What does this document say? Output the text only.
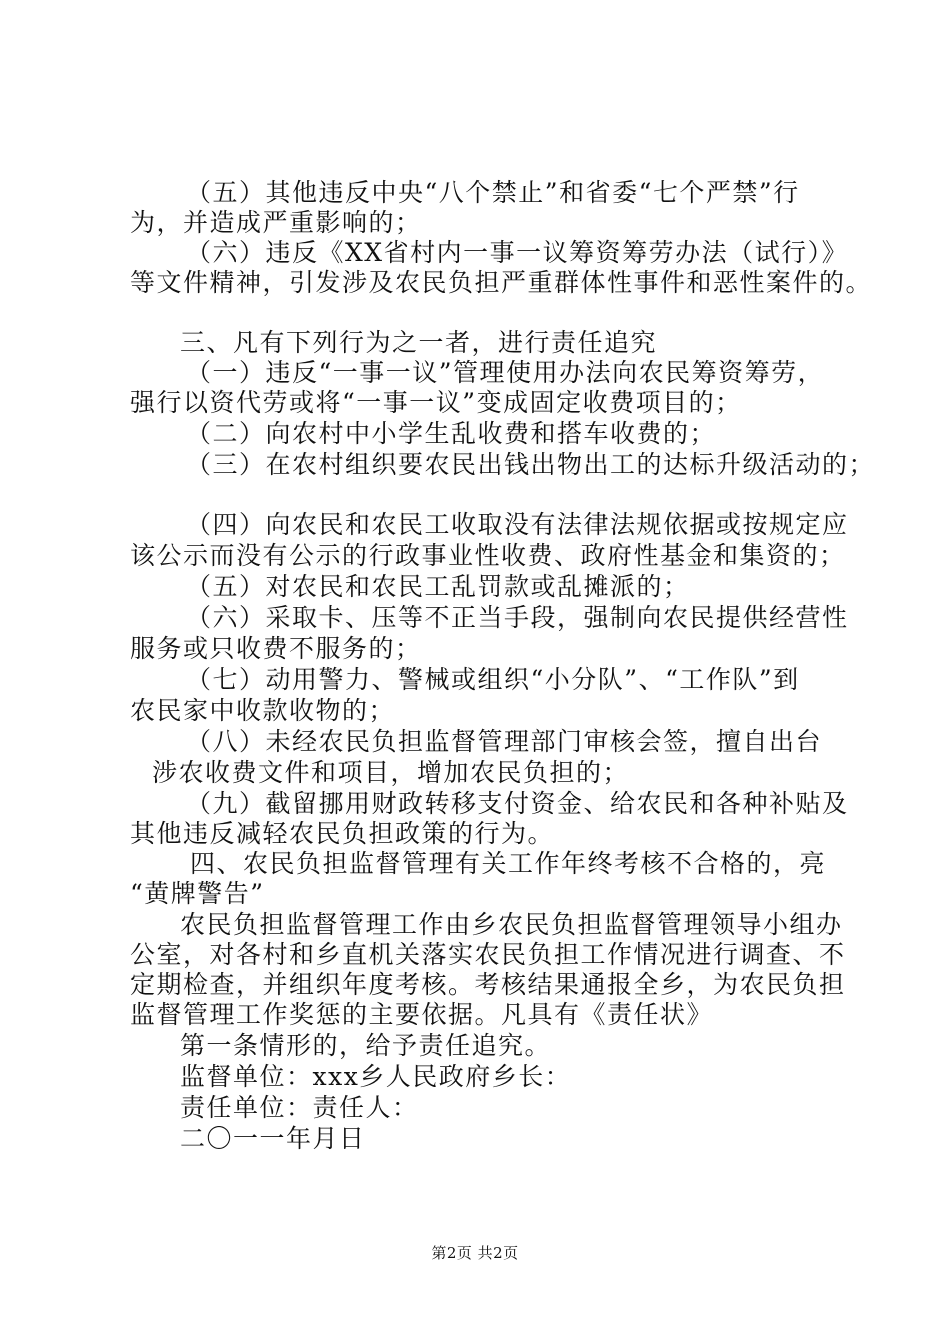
（五）其他违反中央“八个禁止”和省委“七个严禁”行
为，并造成严重影响的；
（六）违反《XX省村内一事一议筹资筹劳办法（试行）》
等文件精神，引发涉及农民负担严重群体性事件和恶性案件的。
三、凡有下列行为之一者，进行责任追究
（一）违反“一事一议”管理使用办法向农民筹资筹劳，
强行以资代劳或将“一事一议”变成固定收费项目的；
（二）向农村中小学生乱收费和搭车收费的；
（三）在农村组织要农民出钱出物出工的达标升级活动的；
（四）向农民和农民工收取没有法律法规依据或按规定应
该公示而没有公示的行政事业性收费、政府性基金和集资的；
（五）对农民和农民工乱罚款或乱摊派的；
（六）采取卡、压等不正当手段，强制向农民提供经营性
服务或只收费不服务的；
（七）动用警力、警械或组织“小分队”、“工作队”到
农民家中收款收物的；
（八）未经农民负担监督管理部门审核会签，擅自出台
涉农收费文件和项目，增加农民负担的；
（九）截留挪用财政转移支付资金、给农民和各种补贴及
其他违反减轻农民负担政策的行为。
四、农民负担监督管理有关工作年终考核不合格的，亮
“黄牌警告”
农民负担监督管理工作由乡农民负担监督管理领导小组办
公室，对各村和乡直机关落实农民负担工作情况进行调查、不
定期检查，并组织年度考核。考核结果通报全乡，为农民负担
监督管理工作奖惩的主要依据。凡具有《责任状》
第一条情形的，给予责任追究。
监督单位：xxx乡人民政府乡长：
责任单位：责任人：
二〇一一年月日
第2页 共2页
